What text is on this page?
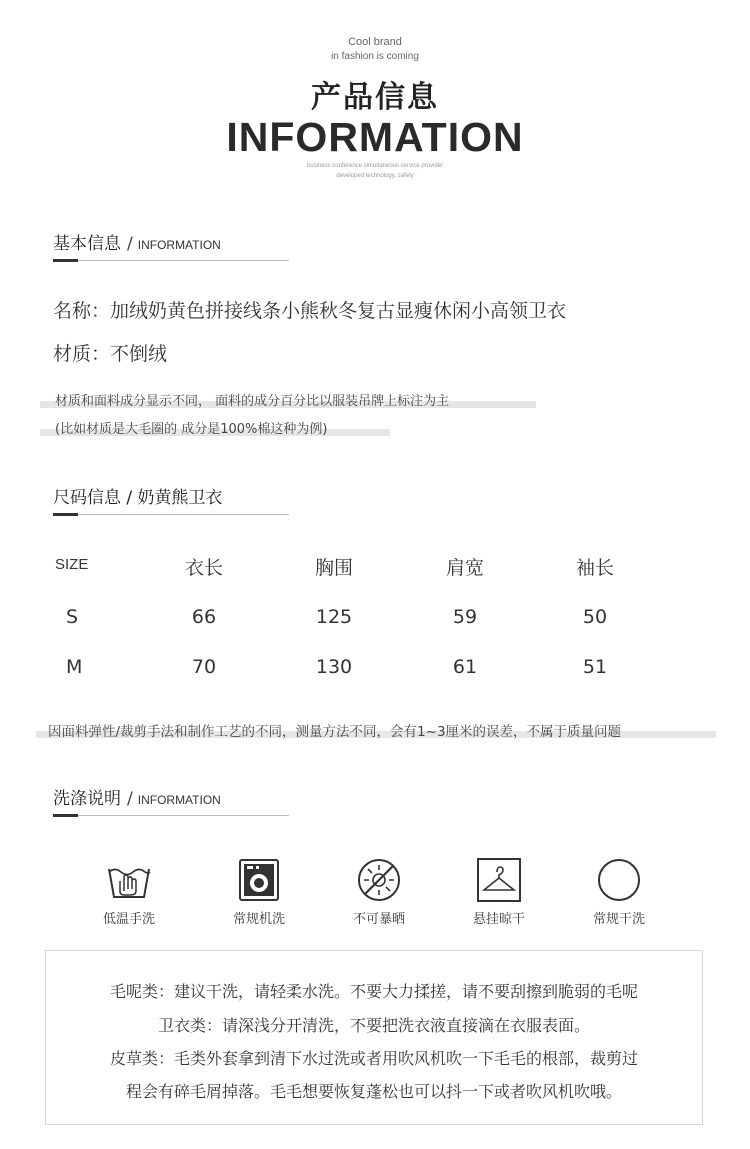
Cool brand
in fashion is coming
产品信息
INFORMATION
business conference simultaneous service provider
developed technology, safety
基本信息 / INFORMATION
名称：加绒奶黄色拼接线条小熊秋冬复古显瘦休闲小高领卫衣
材质：不倒绒
材质和面料成分显示不同， 面料的成分百分比以服装吊牌上标注为主
(比如材质是大毛圈的 成分是100%棉这种为例)
尺码信息 / 奶黄熊卫衣
SIZE	衣长	胸围	肩宽	袖长
S	66	125	59	50
M	70	130	61	51
因面料弹性/裁剪手法和制作工艺的不同，测量方法不同，会有1~3厘米的误差，不属于质量问题
洗涤说明 / INFORMATION
低温手洗	常规机洗	不可暴晒	悬挂晾干	常规干洗
毛呢类：建议干洗，请轻柔水洗。不要大力揉搓，请不要刮擦到脆弱的毛呢
卫衣类：请深浅分开清洗，不要把洗衣液直接滴在衣服表面。
皮草类：毛类外套拿到清下水过洗或者用吹风机吹一下毛毛的根部，裁剪过
程会有碎毛屑掉落。毛毛想要恢复蓬松也可以抖一下或者吹风机吹哦。
